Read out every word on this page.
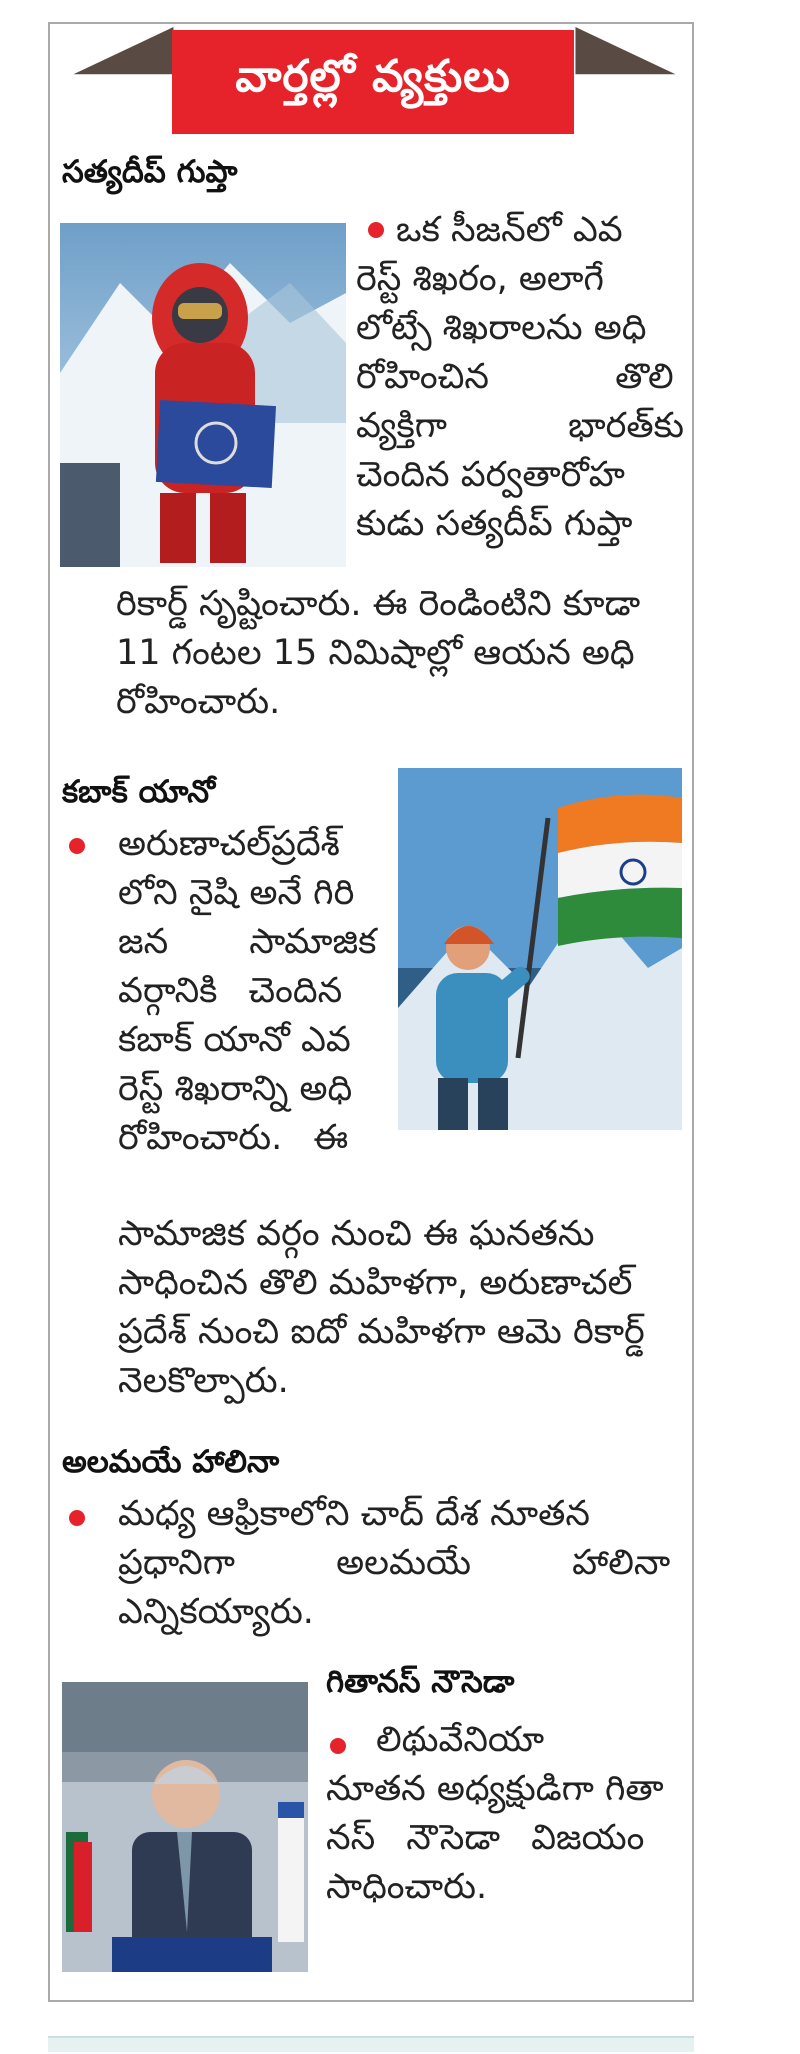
వార్తల్లో వ్యక్తులు
సత్యదీప్ గుప్తా
ఒక సీజన్‌లో ఎవ
రెస్ట్ శిఖరం, అలాగే
లోట్సే శిఖరాలను అధి
రోహించిన తొలి
వ్యక్తిగా భారత్‌కు
చెందిన పర్వతారోహ
కుడు సత్యదీప్ గుప్తా
రికార్డ్ సృష్టించారు. ఈ రెండింటిని కూడా
11 గంటల 15 నిమిషాల్లో ఆయన అధి
రోహించారు.
కబాక్ యానో
అరుణాచల్‌ప్రదేశ్
లోని నైషి అనే గిరి
జన సామాజిక
వర్గానికి చెందిన
కబాక్ యానో ఎవ
రెస్ట్ శిఖరాన్ని అధి
రోహించారు. ఈ
సామాజిక వర్గం నుంచి ఈ ఘనతను
సాధించిన తొలి మహిళగా, అరుణాచల్
ప్రదేశ్ నుంచి ఐదో మహిళగా ఆమె రికార్డ్
నెలకొల్పారు.
అలమయే హాలినా
మధ్య ఆఫ్రికాలోని చాద్ దేశ నూతన
ప్రధానిగా అలమయే హాలినా
ఎన్నికయ్యారు.
గితానస్ నౌసెడా
లిథువేనియా
నూతన అధ్యక్షుడిగా గితా
నస్ నౌసెడా విజయం
సాధించారు.
